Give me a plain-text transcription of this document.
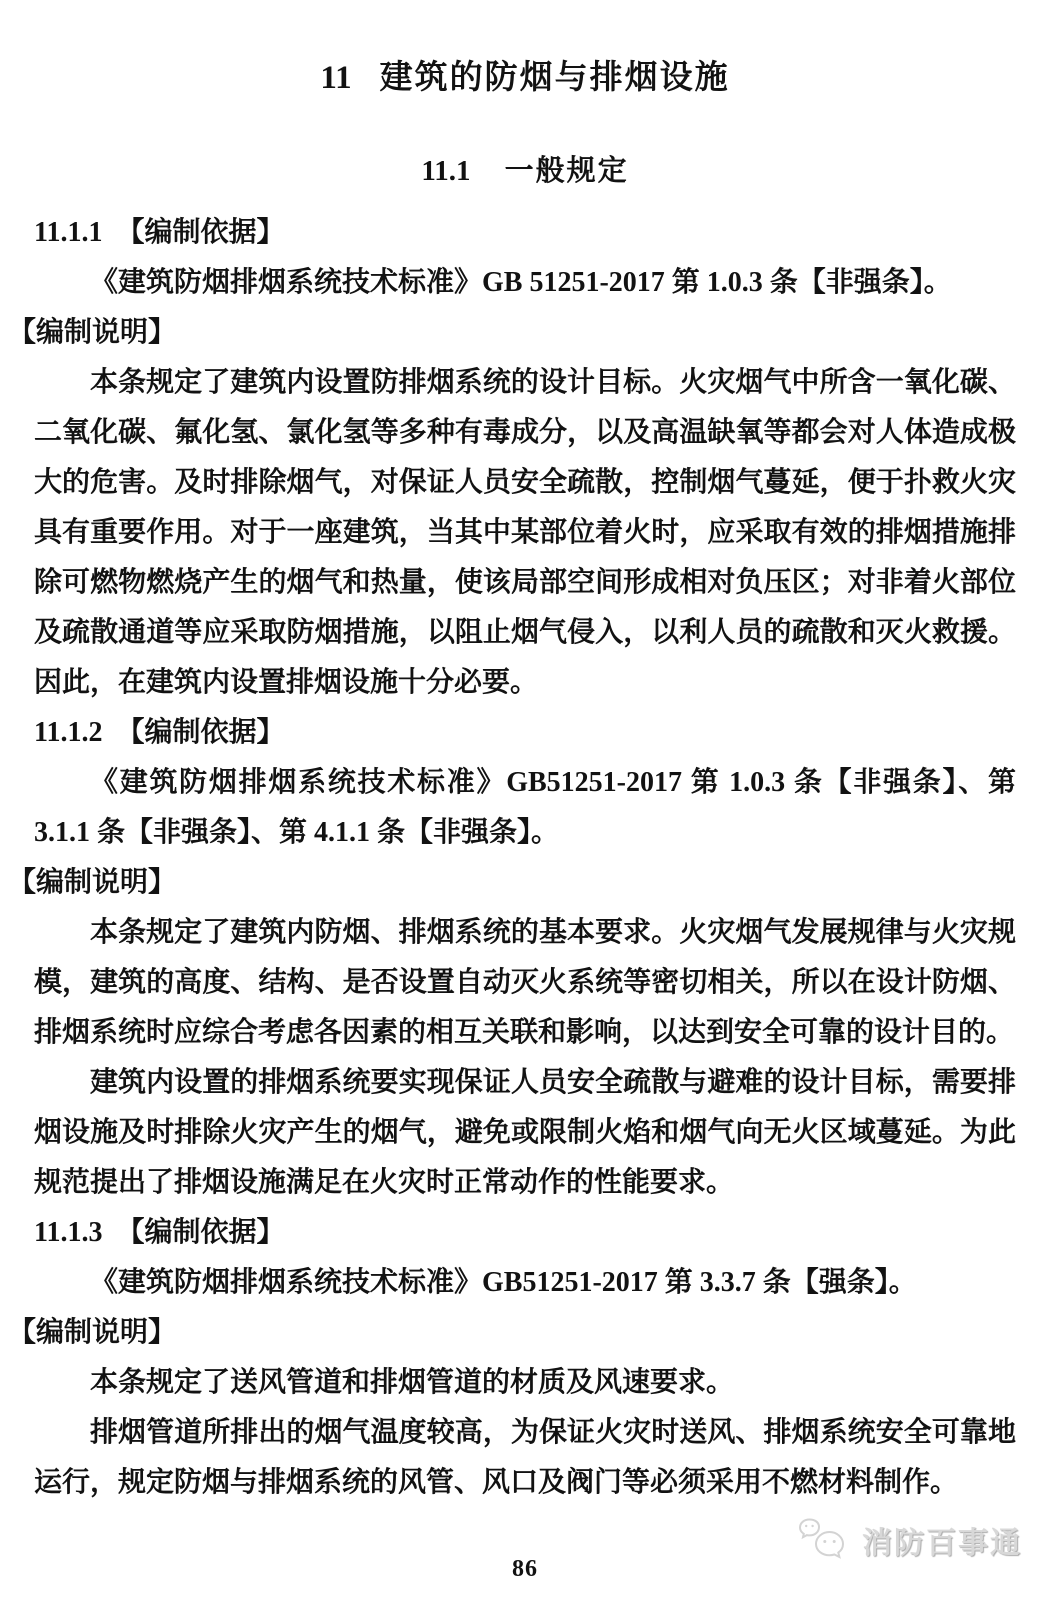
11 建筑的防烟与排烟设施
11.1 一般规定
11.1.1 【编制依据】

《建筑防烟排烟系统技术标准》GB 51251-2017 第 1.0.3 条【非强条】。

【编制说明】

本条规定了建筑内设置防排烟系统的设计目标。火灾烟气中所含一氧化碳、二氧化碳、氟化氢、氯化氢等多种有毒成分，以及高温缺氧等都会对人体造成极大的危害。及时排除烟气，对保证人员安全疏散，控制烟气蔓延，便于扑救火灾具有重要作用。对于一座建筑，当其中某部位着火时，应采取有效的排烟措施排除可燃物燃烧产生的烟气和热量，使该局部空间形成相对负压区；对非着火部位及疏散通道等应采取防烟措施，以阻止烟气侵入，以利人员的疏散和灭火救援。因此，在建筑内设置排烟设施十分必要。

11.1.2 【编制依据】

《建筑防烟排烟系统技术标准》GB51251-2017 第 1.0.3 条【非强条】、第 3.1.1 条【非强条】、第 4.1.1 条【非强条】。

【编制说明】

本条规定了建筑内防烟、排烟系统的基本要求。火灾烟气发展规律与火灾规模，建筑的高度、结构、是否设置自动灭火系统等密切相关，所以在设计防烟、排烟系统时应综合考虑各因素的相互关联和影响，以达到安全可靠的设计目的。

建筑内设置的排烟系统要实现保证人员安全疏散与避难的设计目标，需要排烟设施及时排除火灾产生的烟气，避免或限制火焰和烟气向无火区域蔓延。为此规范提出了排烟设施满足在火灾时正常动作的性能要求。

11.1.3 【编制依据】

《建筑防烟排烟系统技术标准》GB51251-2017 第 3.3.7 条【强条】。

【编制说明】

本条规定了送风管道和排烟管道的材质及风速要求。

排烟管道所排出的烟气温度较高，为保证火灾时送风、排烟系统安全可靠地运行，规定防烟与排烟系统的风管、风口及阀门等必须采用不燃材料制作。

消防百事通
86
